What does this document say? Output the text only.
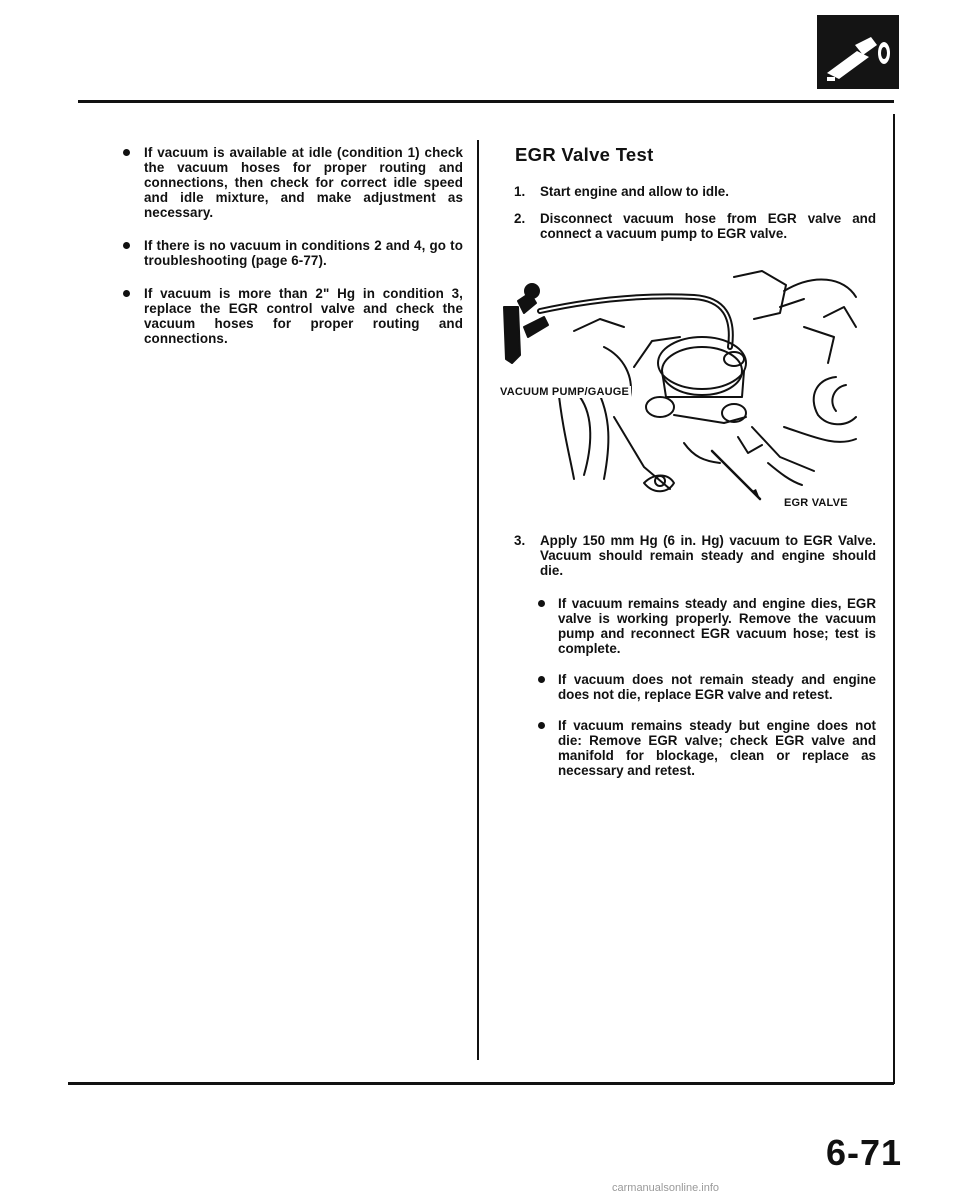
If vacuum is available at idle (condition 1) check the vacuum hoses for proper routing and connections, then check for correct idle speed and idle mixture, and make adjustment as necessary.
If there is no vacuum in conditions 2 and 4, go to troubleshooting (page 6-77).
If vacuum is more than 2" Hg in condition 3, replace the EGR control valve and check the vacuum hoses for proper routing and connections.
EGR Valve Test
1. Start engine and allow to idle.
2. Disconnect vacuum hose from EGR valve and connect a vacuum pump to EGR valve.
VACUUM PUMP/GAUGE
EGR VALVE
3. Apply 150 mm Hg (6 in. Hg) vacuum to EGR Valve. Vacuum should remain steady and engine should die.
If vacuum remains steady and engine dies, EGR valve is working properly. Remove the vacuum pump and reconnect EGR vacuum hose; test is complete.
If vacuum does not remain steady and engine does not die, replace EGR valve and retest.
If vacuum remains steady but engine does not die: Remove EGR valve; check EGR valve and manifold for blockage, clean or replace as necessary and retest.
6-71
carmanualsonline.info
